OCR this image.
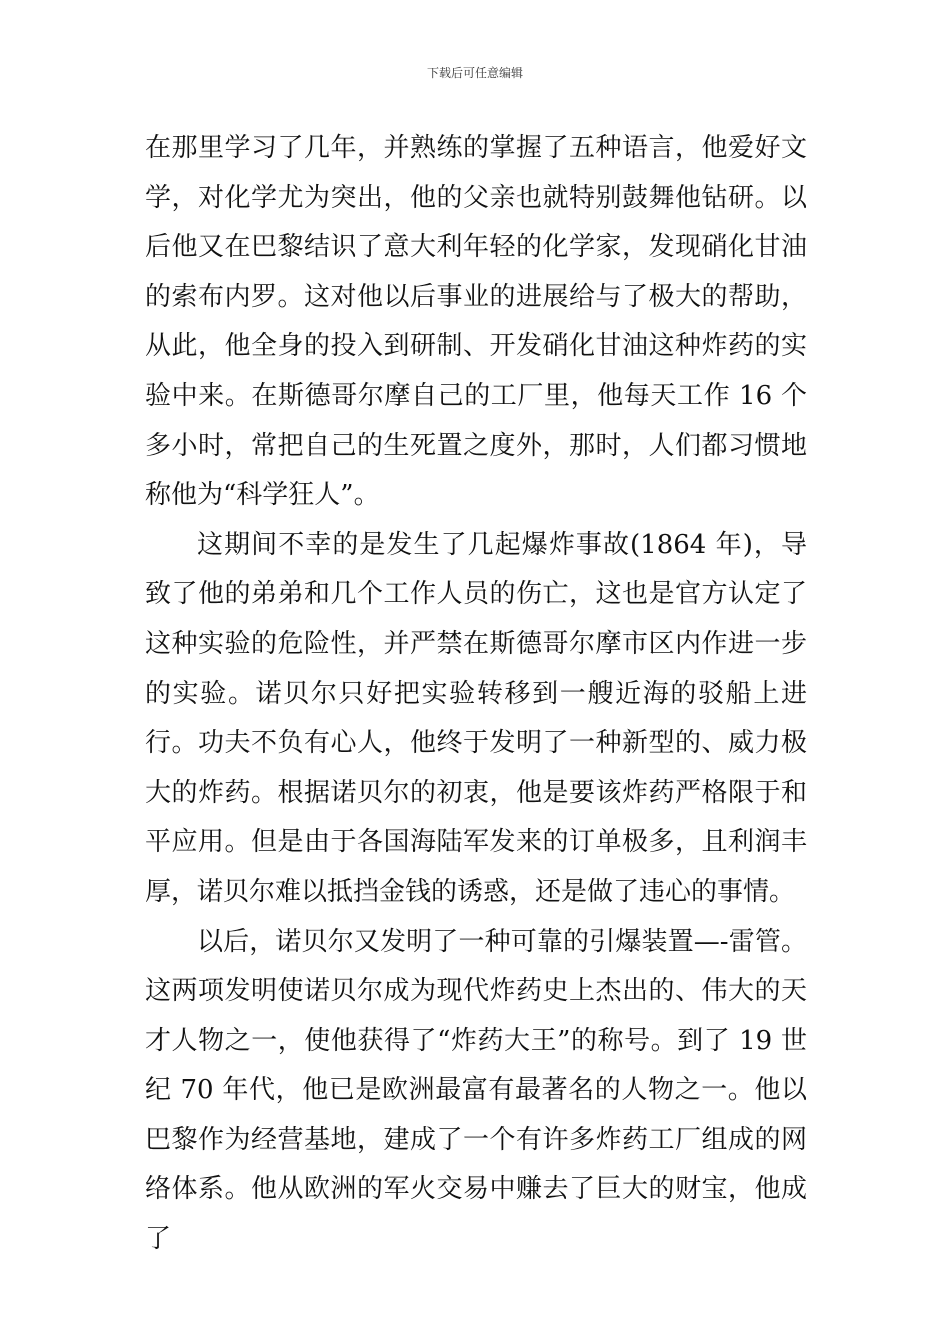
下载后可任意编辑

在那里学习了几年，并熟练的掌握了五种语言，他爱好文学，对化学尤为突出，他的父亲也就特别鼓舞他钻研。以后他又在巴黎结识了意大利年轻的化学家，发现硝化甘油的索布内罗。这对他以后事业的进展给与了极大的帮助，从此，他全身的投入到研制、开发硝化甘油这种炸药的实验中来。在斯德哥尔摩自己的工厂里，他每天工作 16 个多小时，常把自己的生死置之度外，那时，人们都习惯地称他为“科学狂人”。

这期间不幸的是发生了几起爆炸事故(1864 年)，导致了他的弟弟和几个工作人员的伤亡，这也是官方认定了这种实验的危险性，并严禁在斯德哥尔摩市区内作进一步的实验。诺贝尔只好把实验转移到一艘近海的驳船上进行。功夫不负有心人，他终于发明了一种新型的、威力极大的炸药。根据诺贝尔的初衷，他是要该炸药严格限于和平应用。但是由于各国海陆军发来的订单极多，且利润丰厚，诺贝尔难以抵挡金钱的诱惑，还是做了违心的事情。

以后，诺贝尔又发明了一种可靠的引爆装置—-雷管。这两项发明使诺贝尔成为现代炸药史上杰出的、伟大的天才人物之一，使他获得了“炸药大王”的称号。到了 19 世纪 70 年代，他已是欧洲最富有最著名的人物之一。他以巴黎作为经营基地，建成了一个有许多炸药工厂组成的网络体系。他从欧洲的军火交易中赚去了巨大的财宝，他成了
